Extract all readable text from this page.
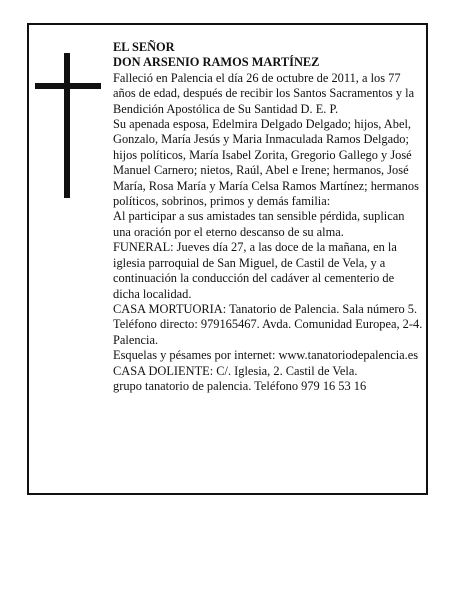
EL SEÑOR

DON ARSENIO RAMOS MARTÍNEZ

Falleció en Palencia el día 26 de octubre de 2011, a los 77 años de edad, después de recibir los Santos Sacramentos y la Bendición Apostólica de Su Santidad D. E. P.

Su apenada esposa, Edelmira Delgado Delgado; hijos, Abel, Gonzalo, María Jesús y Maria Inmaculada Ramos Delgado; hijos políticos, María Isabel Zorita, Gregorio Gallego y José Manuel Carnero; nietos, Raúl, Abel e Irene; hermanos, José María, Rosa María y María Celsa Ramos Martínez; hermanos políticos, sobrinos, primos y demás familia:

Al participar a sus amistades tan sensible pérdida, suplican una oración por el eterno descanso de su alma.

FUNERAL: Jueves día 27, a las doce de la mañana, en la iglesia parroquial de San Miguel, de Castil de Vela, y a continuación la conducción del cadáver al cementerio de dicha localidad.

CASA MORTUORIA: Tanatorio de Palencia. Sala número 5. Teléfono directo: 979165467. Avda. Comunidad Europea, 2-4. Palencia.

Esquelas y pésames por internet: www.tanatoriodepalencia.es

CASA DOLIENTE: C/. Iglesia, 2. Castil de Vela.

grupo tanatorio de palencia. Teléfono 979 16 53 16
